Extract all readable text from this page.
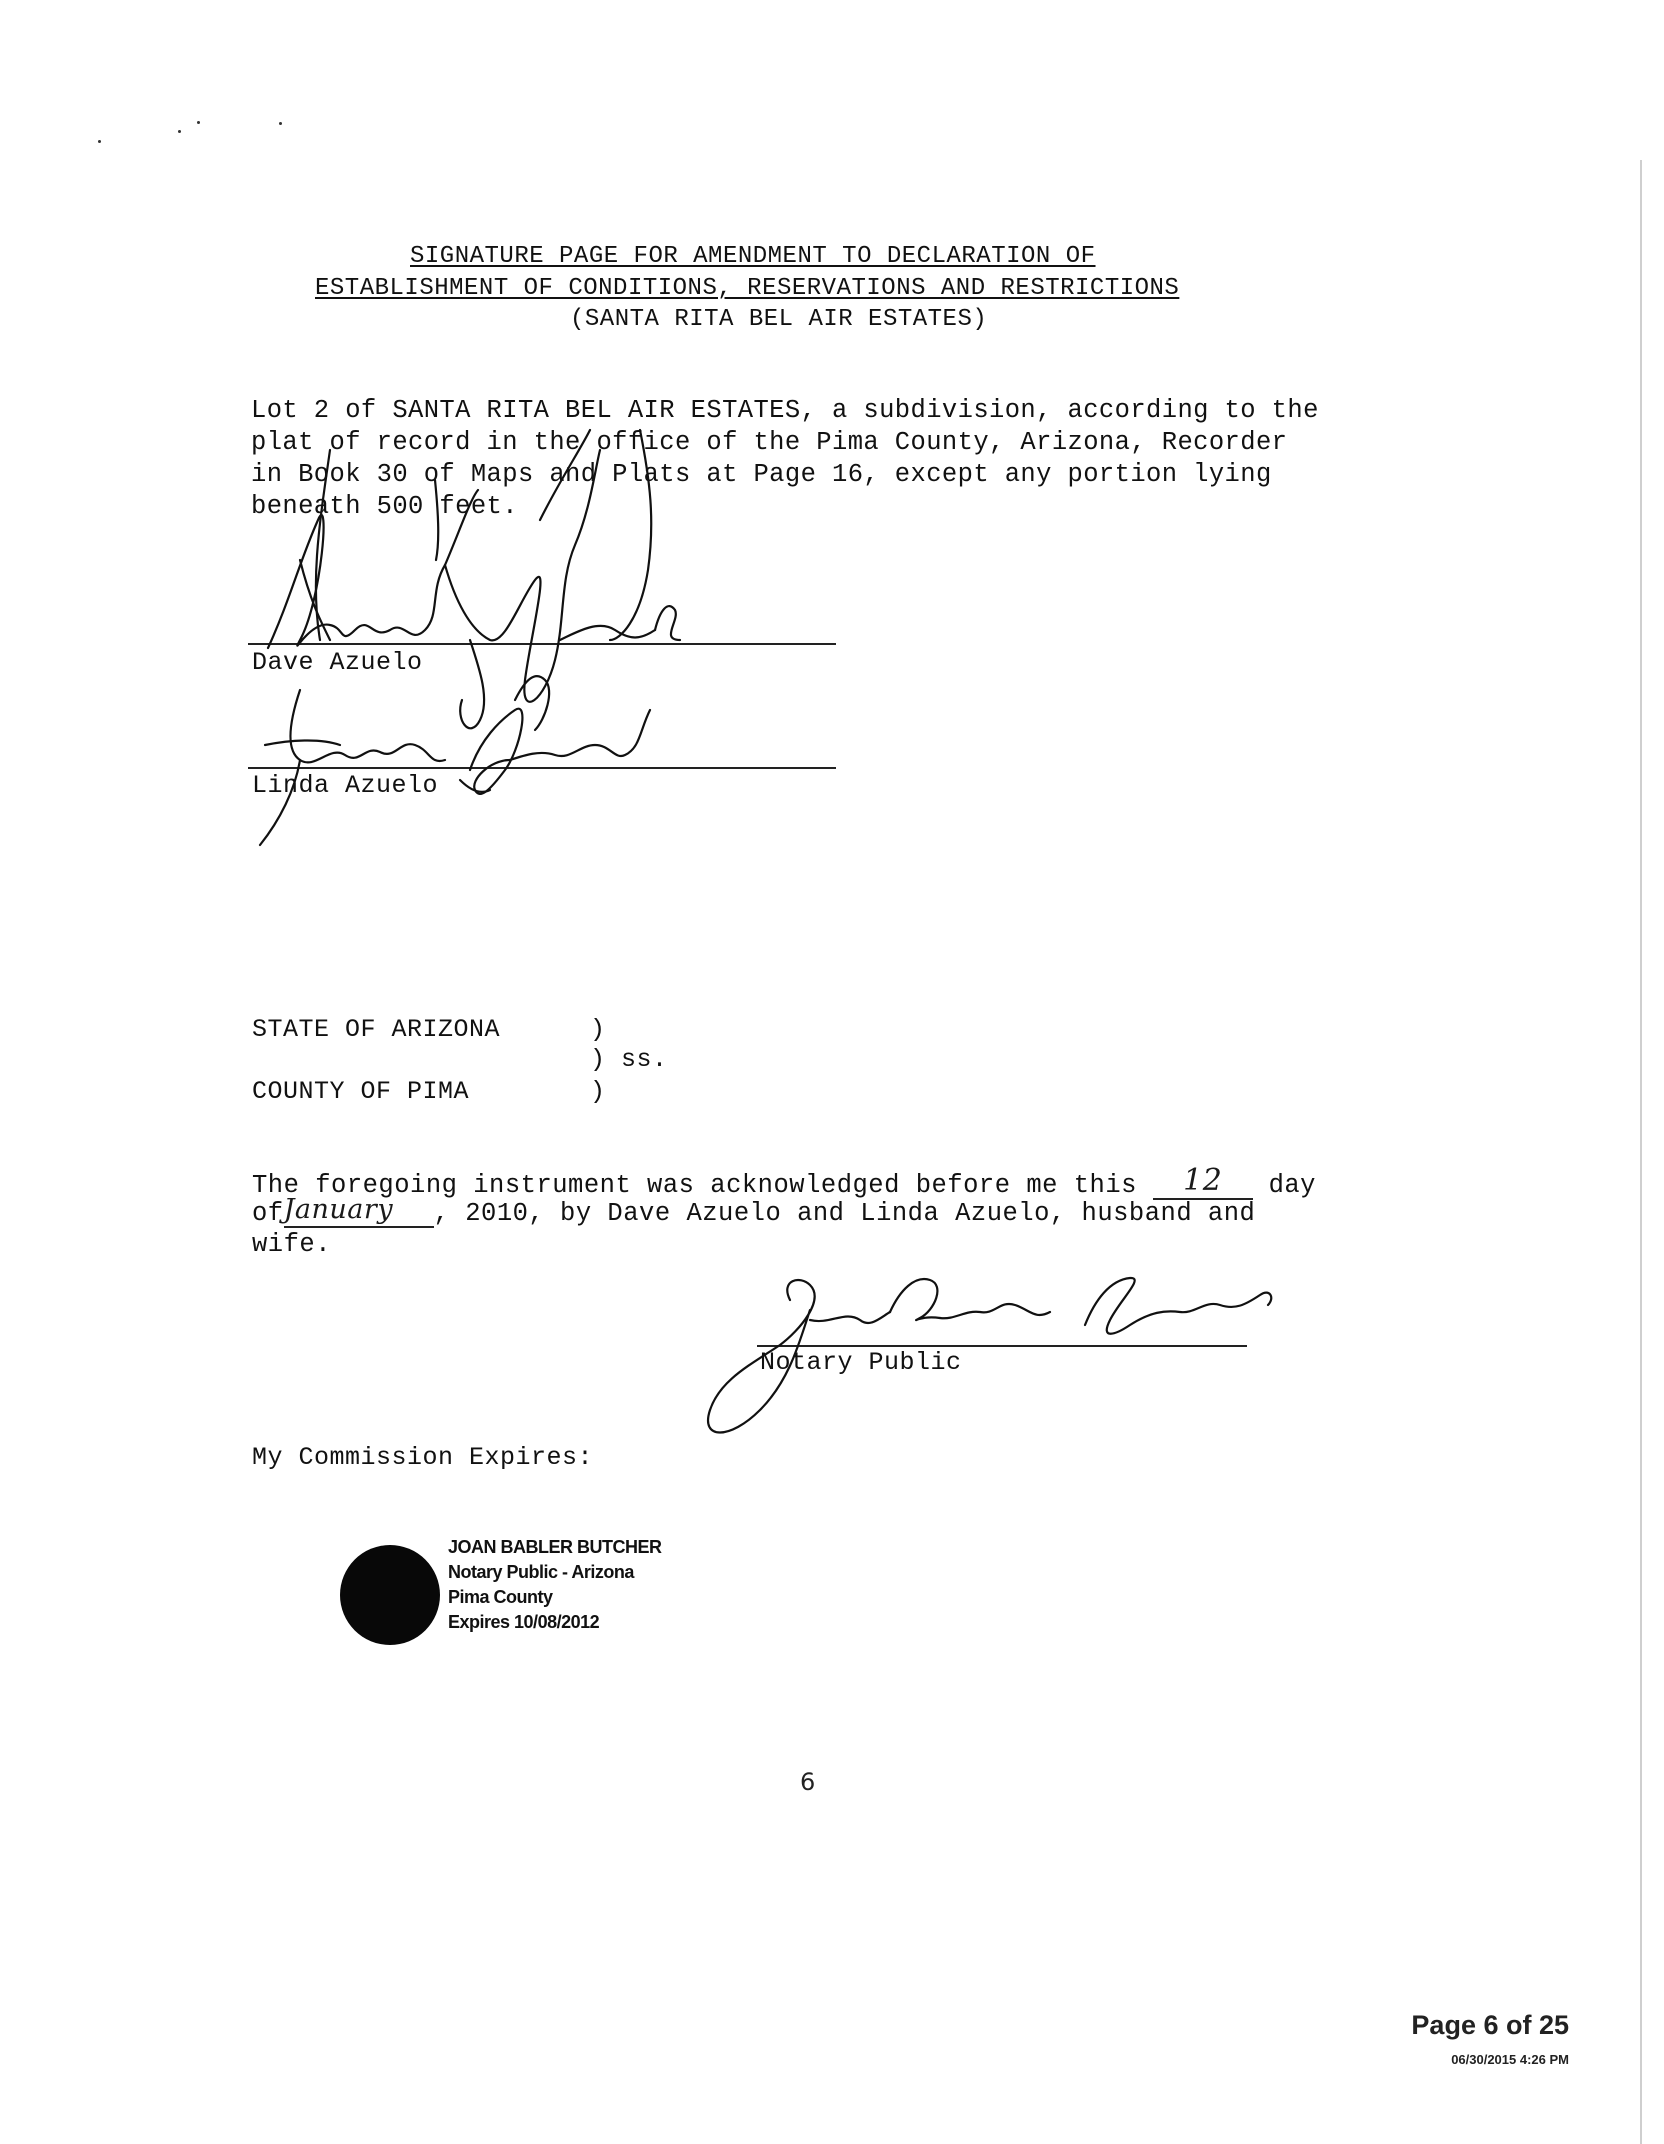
SIGNATURE PAGE FOR AMENDMENT TO DECLARATION OF
ESTABLISHMENT OF CONDITIONS, RESERVATIONS AND RESTRICTIONS
(SANTA RITA BEL AIR ESTATES)
Lot 2 of SANTA RITA BEL AIR ESTATES, a subdivision, according to the
plat of record in the office of the Pima County, Arizona, Recorder
in Book 30 of Maps and Plats at Page 16, except any portion lying
beneath 500 feet.
Dave Azuelo
Linda Azuelo
STATE OF ARIZONA	)
) ss.
COUNTY OF PIMA	)
The foregoing instrument was acknowledged before me this 12 day
ofJanuary , 2010, by Dave Azuelo and Linda Azuelo, husband and
wife.
Notary Public
My Commission Expires:
JOAN BABLER BUTCHER
Notary Public - Arizona
Pima County
Expires 10/08/2012
6
Page 6 of 25
06/30/2015 4:26 PM
